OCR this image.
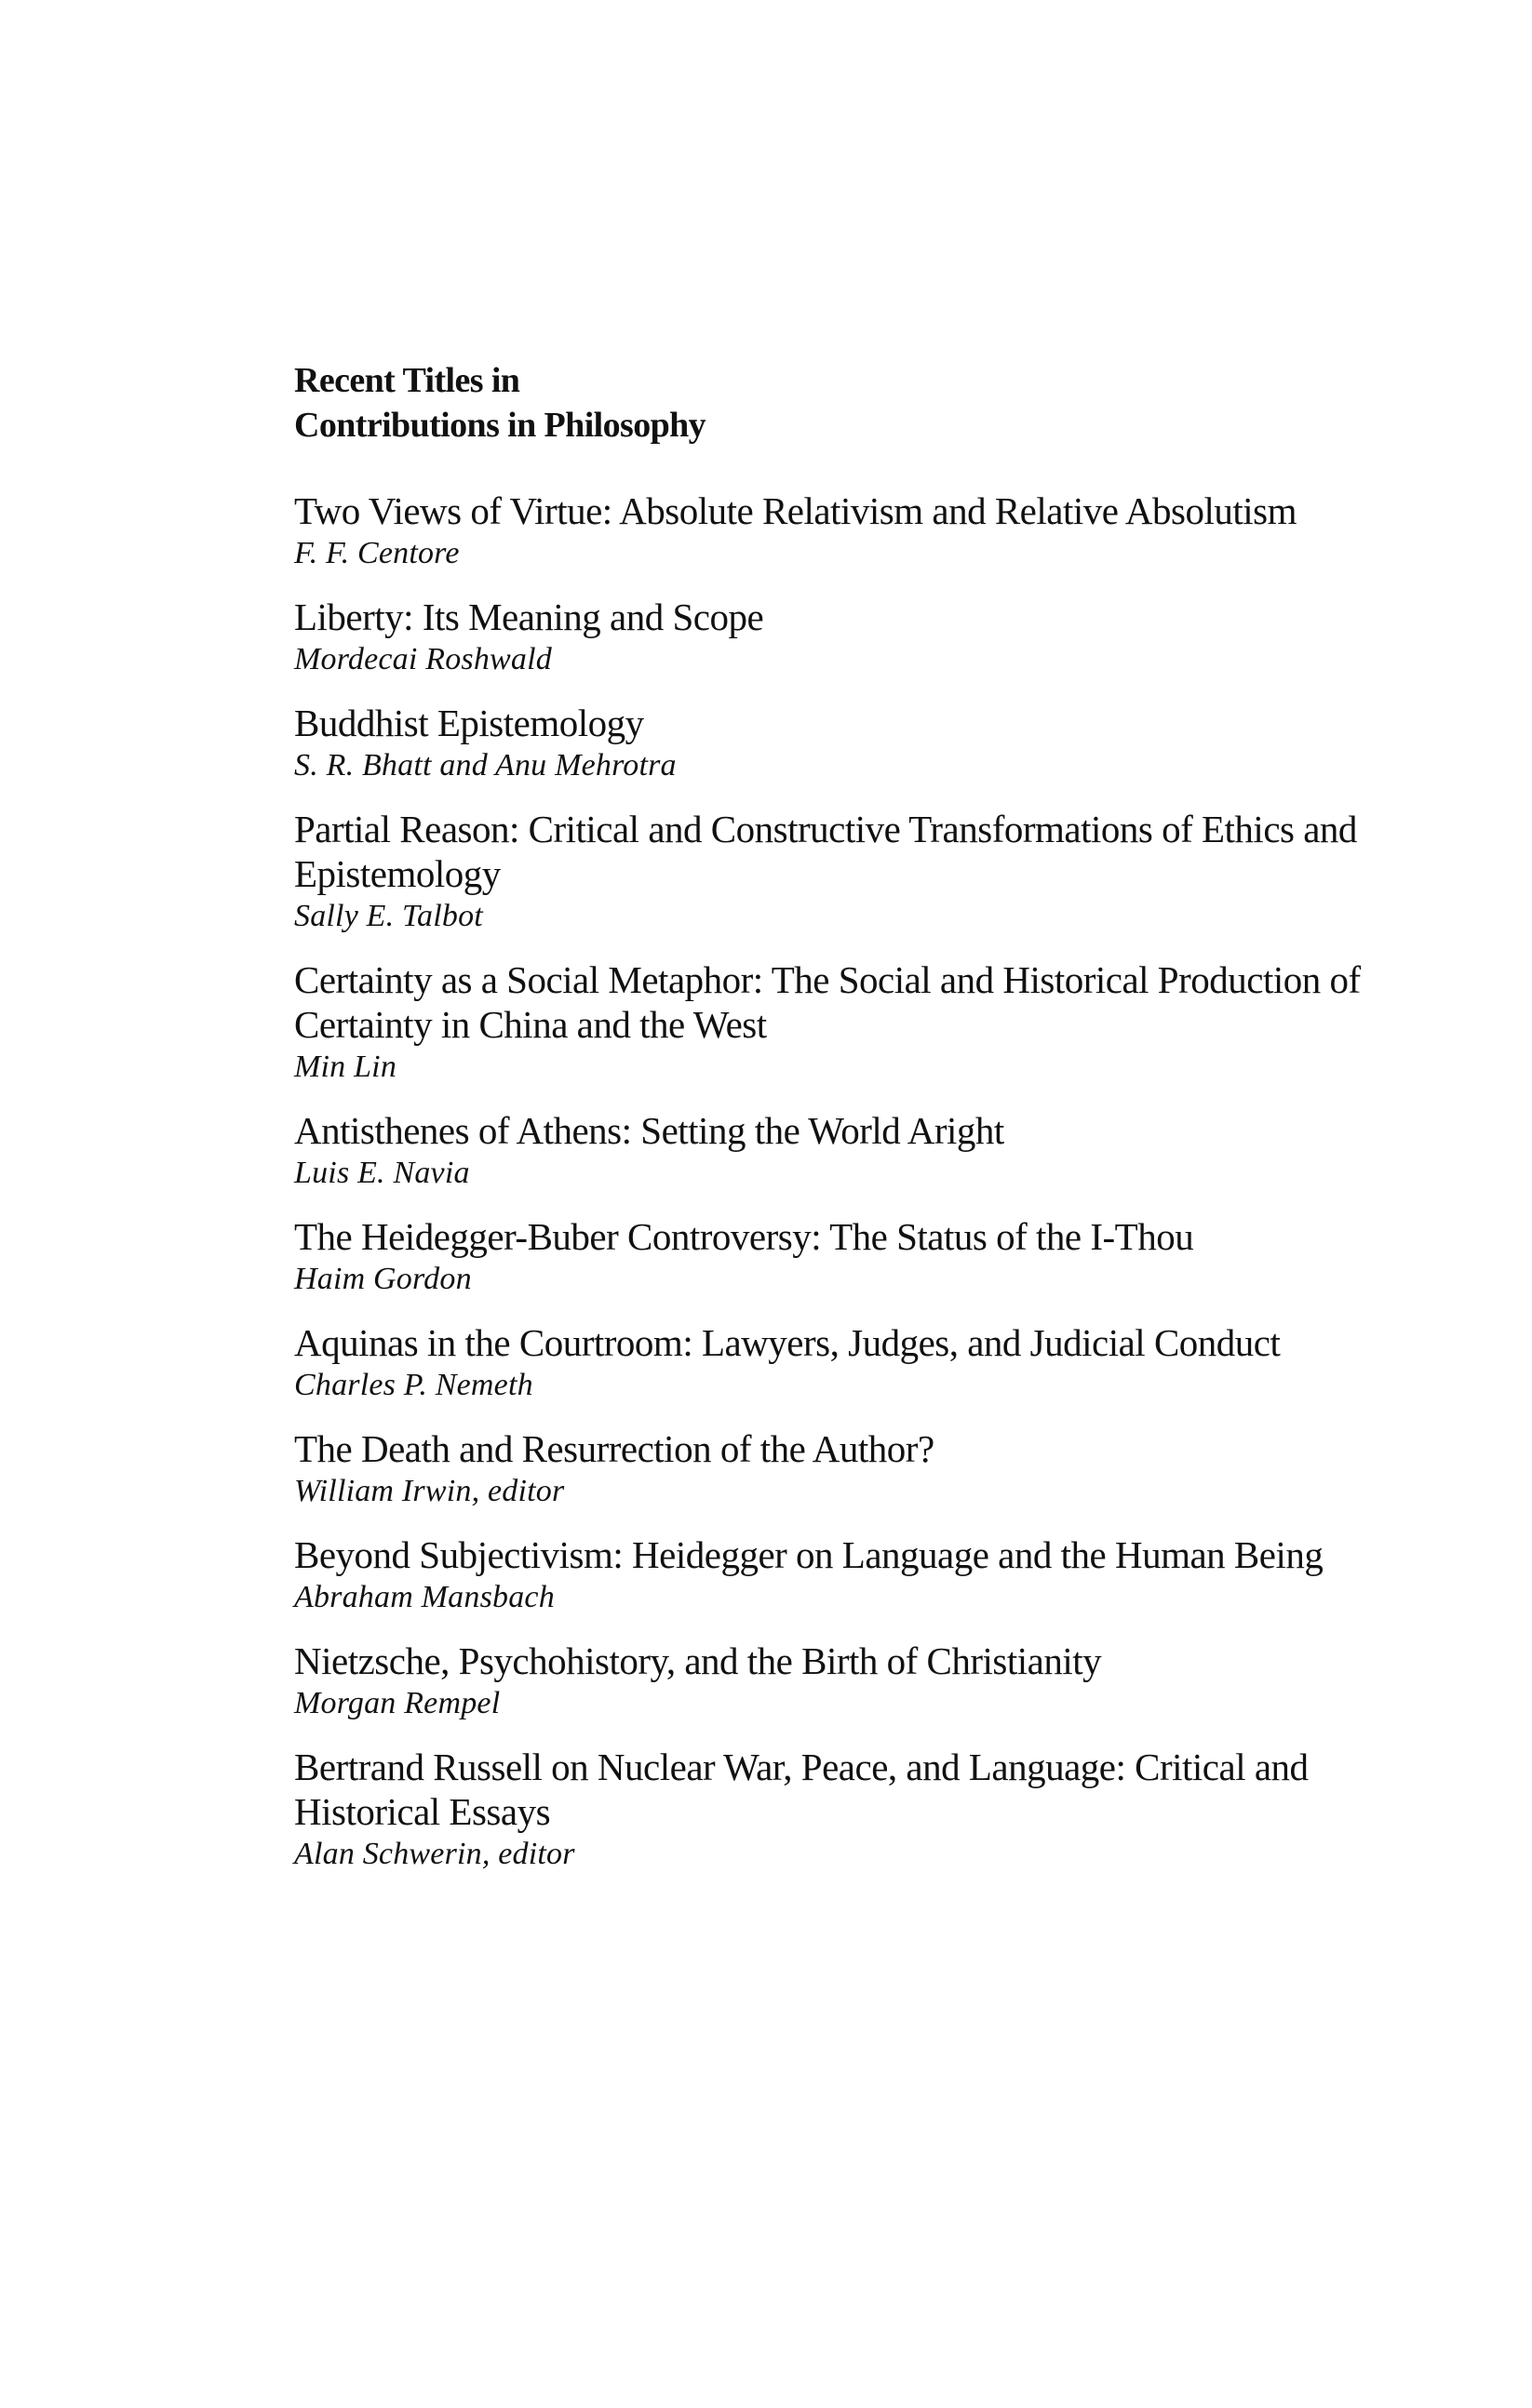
Recent Titles in
Contributions in Philosophy
Two Views of Virtue: Absolute Relativism and Relative Absolutism
F. F. Centore
Liberty: Its Meaning and Scope
Mordecai Roshwald
Buddhist Epistemology
S. R. Bhatt and Anu Mehrotra
Partial Reason: Critical and Constructive Transformations of Ethics and Epistemology
Sally E. Talbot
Certainty as a Social Metaphor: The Social and Historical Production of Certainty in China and the West
Min Lin
Antisthenes of Athens: Setting the World Aright
Luis E. Navia
The Heidegger-Buber Controversy: The Status of the I-Thou
Haim Gordon
Aquinas in the Courtroom: Lawyers, Judges, and Judicial Conduct
Charles P. Nemeth
The Death and Resurrection of the Author?
William Irwin, editor
Beyond Subjectivism: Heidegger on Language and the Human Being
Abraham Mansbach
Nietzsche, Psychohistory, and the Birth of Christianity
Morgan Rempel
Bertrand Russell on Nuclear War, Peace, and Language: Critical and Historical Essays
Alan Schwerin, editor
